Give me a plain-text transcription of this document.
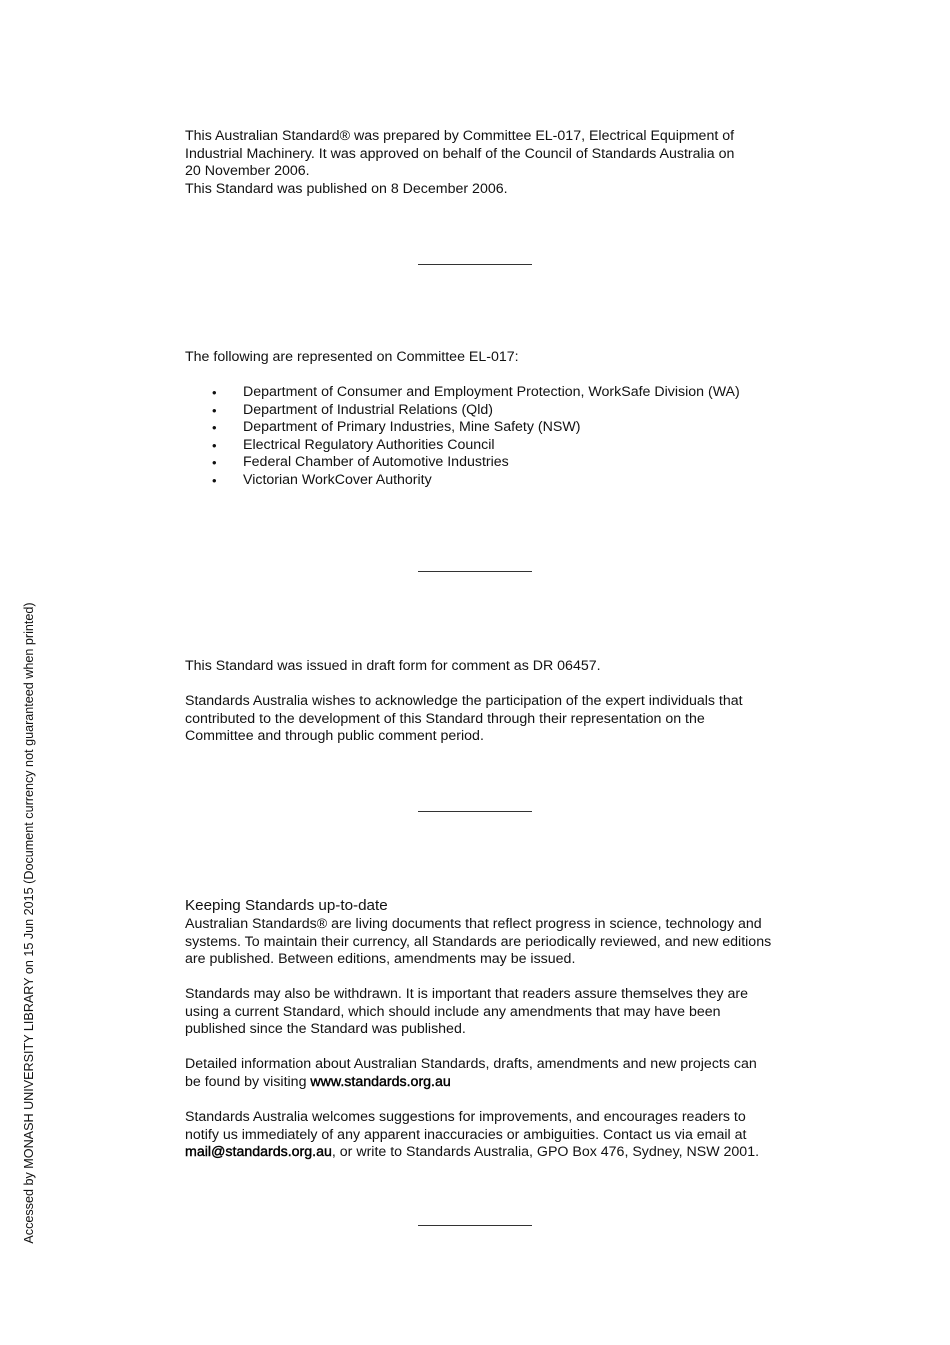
This Australian Standard® was prepared by Committee EL-017, Electrical Equipment of

Industrial Machinery. It was approved on behalf of the Council of Standards Australia on

20 November 2006.

This Standard was published on 8 December 2006.

The following are represented on Committee EL-017:

• Department of Consumer and Employment Protection, WorkSafe Division (WA)
• Department of Industrial Relations (Qld)
• Department of Primary Industries, Mine Safety (NSW)
• Electrical Regulatory Authorities Council
• Federal Chamber of Automotive Industries
• Victorian WorkCover Authority

This Standard was issued in draft form for comment as DR 06457.

Standards Australia wishes to acknowledge the participation of the expert individuals that

contributed to the development of this Standard through their representation on the

Committee and through public comment period.

Keeping Standards up-to-date

Australian Standards® are living documents that reflect progress in science, technology and

systems. To maintain their currency, all Standards are periodically reviewed, and new editions

are published. Between editions, amendments may be issued.

Standards may also be withdrawn. It is important that readers assure themselves they are

using a current Standard, which should include any amendments that may have been

published since the Standard was published.

Detailed information about Australian Standards, drafts, amendments and new projects can

be found by visiting www.standards.org.au

Standards Australia welcomes suggestions for improvements, and encourages readers to

notify us immediately of any apparent inaccuracies or ambiguities. Contact us via email at

mail@standards.org.au, or write to Standards Australia, GPO Box 476, Sydney, NSW 2001.

Accessed by MONASH UNIVERSITY LIBRARY on 15 Jun 2015 (Document currency not guaranteed when printed)
